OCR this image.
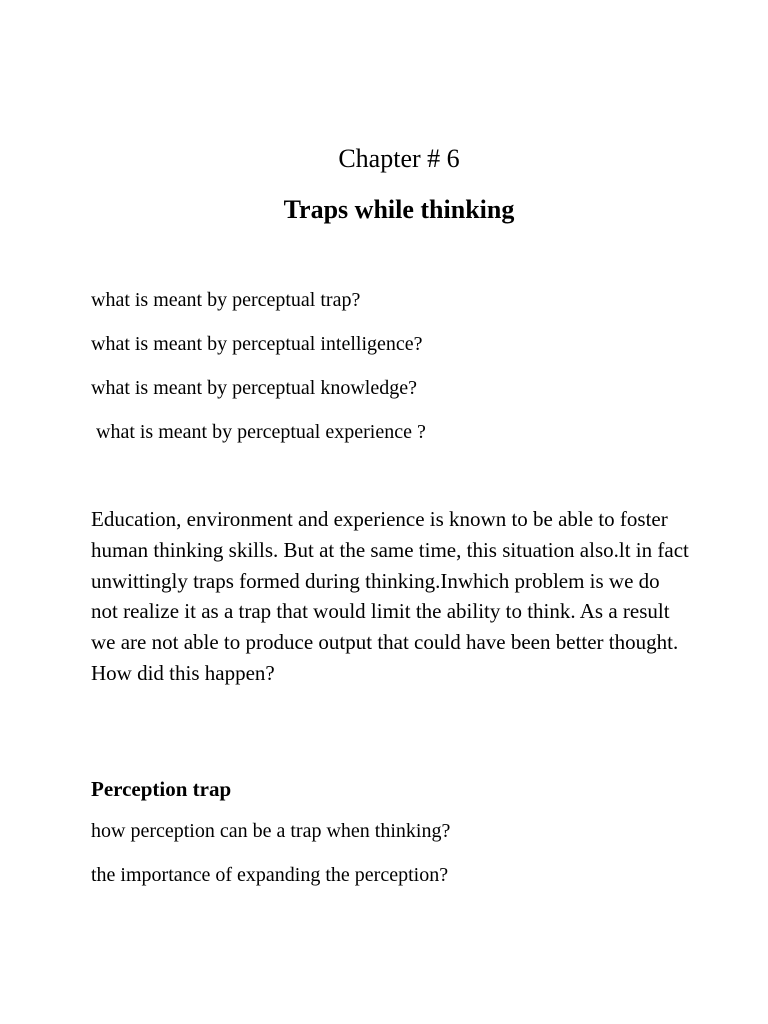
Chapter # 6
Traps while thinking
what is meant by perceptual trap?
what is meant by perceptual intelligence?
what is meant by perceptual knowledge?
what is meant by perceptual experience ?
Education, environment and experience is known to be able to foster human thinking skills. But at the same time, this situation also.lt in fact unwittingly traps formed during thinking.Inwhich problem is we do not realize it as a trap that would limit the ability to think. As a result we are not able to produce output that could have been better thought. How did this happen?
Perception trap
how perception can be a trap when thinking?
the importance of expanding the perception?
